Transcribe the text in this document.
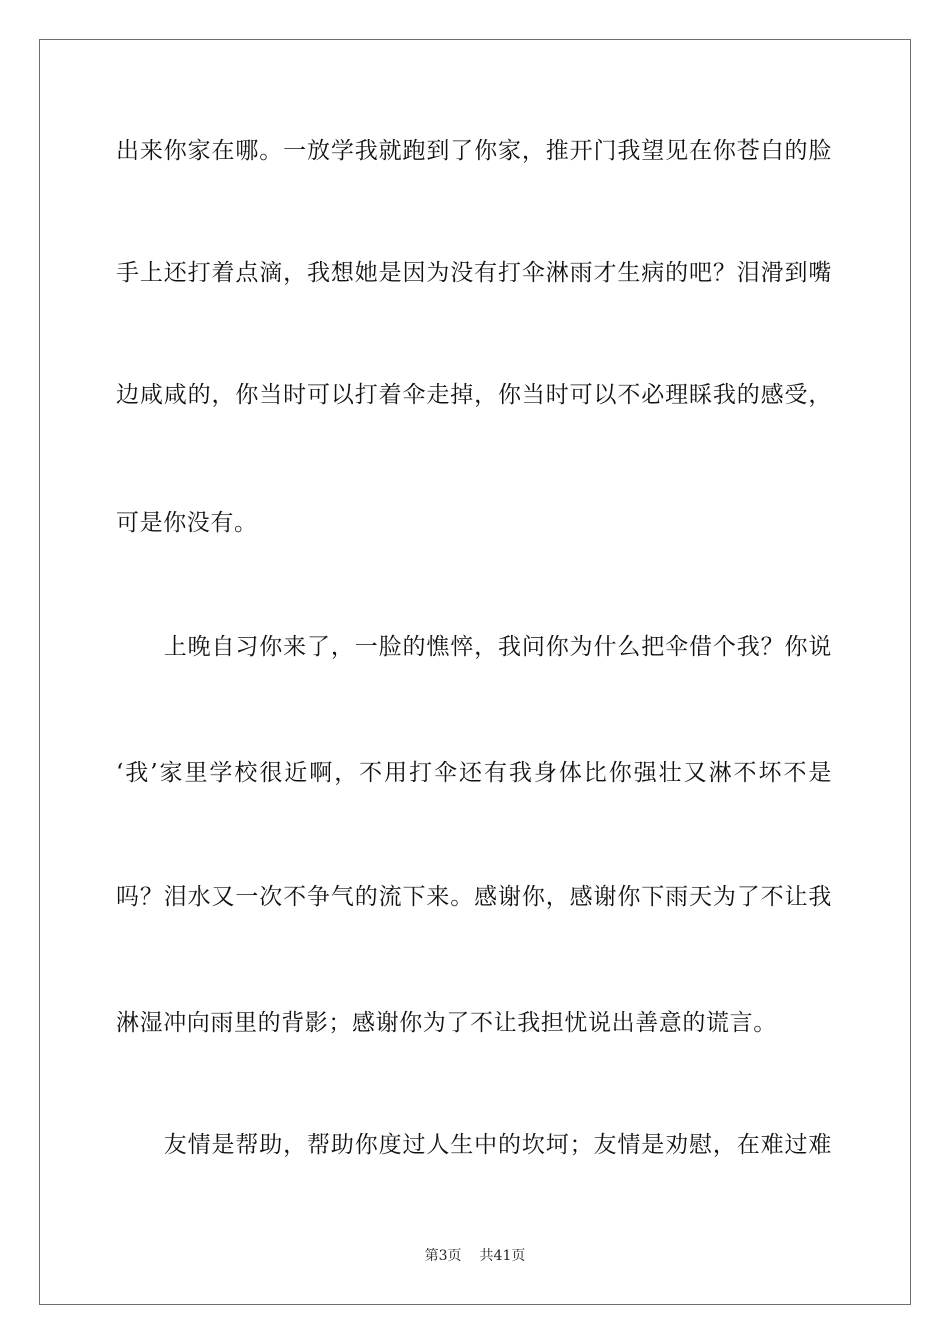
出来你家在哪。一放学我就跑到了你家，推开门我望见在你苍白的脸
手上还打着点滴，我想她是因为没有打伞淋雨才生病的吧？泪滑到嘴
边咸咸的，你当时可以打着伞走掉，你当时可以不必理睬我的感受，
可是你没有。
　　上晚自习你来了，一脸的憔悴，我问你为什么把伞借个我？你说
‘我’家里学校很近啊，不用打伞还有我身体比你强壮又淋不坏不是
吗？泪水又一次不争气的流下来。感谢你，感谢你下雨天为了不让我
淋湿冲向雨里的背影；感谢你为了不让我担忧说出善意的谎言。
　　友情是帮助，帮助你度过人生中的坎坷；友情是劝慰，在难过难
第3页 共41页
